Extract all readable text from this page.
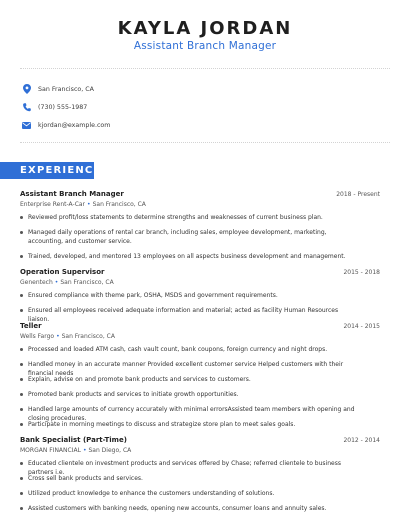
KAYLA JORDAN
Assistant Branch Manager
San Francisco, CA
(730) 555-1987
kjordan@example.com
EXPERIENCE
Assistant Branch Manager	2018 - Present
Enterprise Rent-A-Car • San Francisco, CA
Reviewed profit/loss statements to determine strengths and weaknesses of current business plan.
Managed daily operations of rental car branch, including sales, employee development, marketing, accounting, and customer service.
Trained, developed, and mentored 13 employees on all aspects business development and management.
Operation Supervisor	2015 - 2018
Genentech • San Francisco, CA
Ensured compliance with theme park, OSHA, MSDS and government requirements.
Ensured all employees received adequate information and material; acted as facility Human Resources liaison.
Teller	2014 - 2015
Wells Fargo • San Francisco, CA
Processed and loaded ATM cash, cash vault count, bank coupons, foreign currency and night drops.
Handled money in an accurate manner Provided excellent customer service Helped customers with their financial needs
Explain, advise on and promote bank products and services to customers.
Promoted bank products and services to initiate growth opportunities.
Handled large amounts of currency accurately with minimal errorsAssisted team members with opening and closing procedures.
Participate in morning meetings to discuss and strategize store plan to meet sales goals.
Bank Specialist (Part-Time)	2012 - 2014
MORGAN FINANCIAL • San Diego, CA
Educated clientele on investment products and services offered by Chase; referred clientele to business partners i.e.
Cross sell bank products and services.
Utilized product knowledge to enhance the customers understanding of solutions.
Assisted customers with banking needs, opening new accounts, consumer loans and annuity sales.
